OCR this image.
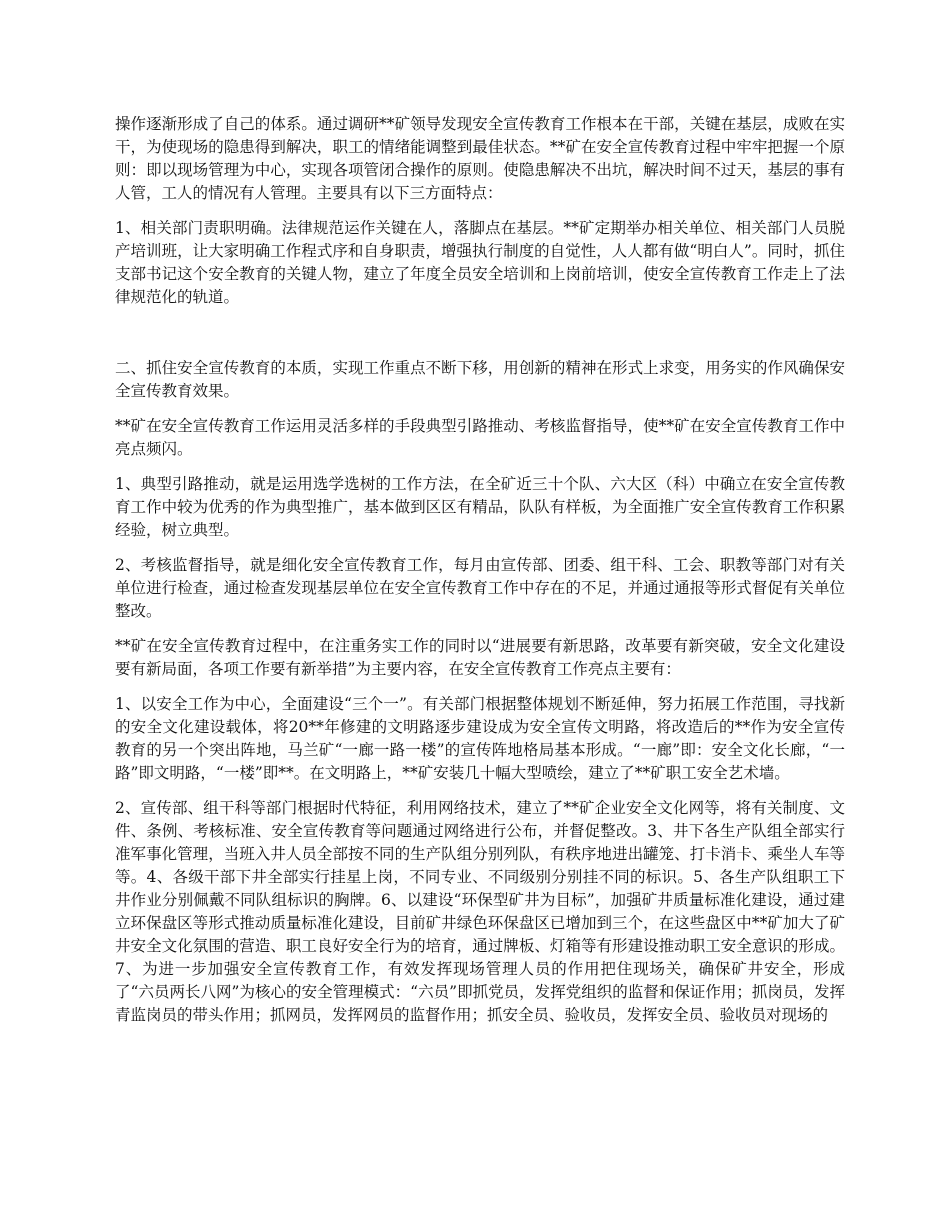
操作逐渐形成了自己的体系。通过调研**矿领导发现安全宣传教育工作根本在干部，关键在基层，成败在实干，为使现场的隐患得到解决，职工的情绪能调整到最佳状态。**矿在安全宣传教育过程中牢牢把握一个原则：即以现场管理为中心，实现各项管闭合操作的原则。使隐患解决不出坑，解决时间不过天，基层的事有人管，工人的情况有人管理。主要具有以下三方面特点：

1、相关部门责职明确。法律规范运作关键在人，落脚点在基层。**矿定期举办相关单位、相关部门人员脱产培训班，让大家明确工作程式序和自身职责，增强执行制度的自觉性，人人都有做“明白人”。同时，抓住支部书记这个安全教育的关键人物，建立了年度全员安全培训和上岗前培训，使安全宣传教育工作走上了法律规范化的轨道。

二、抓住安全宣传教育的本质，实现工作重点不断下移，用创新的精神在形式上求变，用务实的作风确保安全宣传教育效果。

**矿在安全宣传教育工作运用灵活多样的手段典型引路推动、考核监督指导，使**矿在安全宣传教育工作中亮点频闪。

1、典型引路推动，就是运用选学选树的工作方法，在全矿近三十个队、六大区（科）中确立在安全宣传教育工作中较为优秀的作为典型推广，基本做到区区有精品，队队有样板，为全面推广安全宣传教育工作积累经验，树立典型。

2、考核监督指导，就是细化安全宣传教育工作，每月由宣传部、团委、组干科、工会、职教等部门对有关单位进行检查，通过检查发现基层单位在安全宣传教育工作中存在的不足，并通过通报等形式督促有关单位整改。

**矿在安全宣传教育过程中，在注重务实工作的同时以“进展要有新思路，改革要有新突破，安全文化建设要有新局面，各项工作要有新举措”为主要内容，在安全宣传教育工作亮点主要有：

1、以安全工作为中心，全面建设“三个一”。有关部门根据整体规划不断延伸，努力拓展工作范围，寻找新的安全文化建设载体，将20**年修建的文明路逐步建设成为安全宣传文明路，将改造后的**作为安全宣传教育的另一个突出阵地，马兰矿“一廊一路一楼”的宣传阵地格局基本形成。“一廊”即：安全文化长廊，“一路”即文明路，“一楼”即**。在文明路上，**矿安装几十幅大型喷绘，建立了**矿职工安全艺术墙。

2、宣传部、组干科等部门根据时代特征，利用网络技术，建立了**矿企业安全文化网等，将有关制度、文件、条例、考核标准、安全宣传教育等问题通过网络进行公布，并督促整改。3、井下各生产队组全部实行准军事化管理，当班入井人员全部按不同的生产队组分别列队，有秩序地进出罐笼、打卡消卡、乘坐人车等等。4、各级干部下井全部实行挂星上岗，不同专业、不同级别分别挂不同的标识。5、各生产队组职工下井作业分别佩戴不同队组标识的胸牌。6、以建设“环保型矿井为目标”，加强矿井质量标准化建设，通过建立环保盘区等形式推动质量标准化建设，目前矿井绿色环保盘区已增加到三个，在这些盘区中**矿加大了矿井安全文化氛围的营造、职工良好安全行为的培育，通过牌板、灯箱等有形建设推动职工安全意识的形成。7、为进一步加强安全宣传教育工作，有效发挥现场管理人员的作用把住现场关，确保矿井安全，形成了“六员两长八网”为核心的安全管理模式：“六员”即抓党员，发挥党组织的监督和保证作用；抓岗员，发挥青监岗员的带头作用；抓网员，发挥网员的监督作用；抓安全员、验收员，发挥安全员、验收员对现场的
